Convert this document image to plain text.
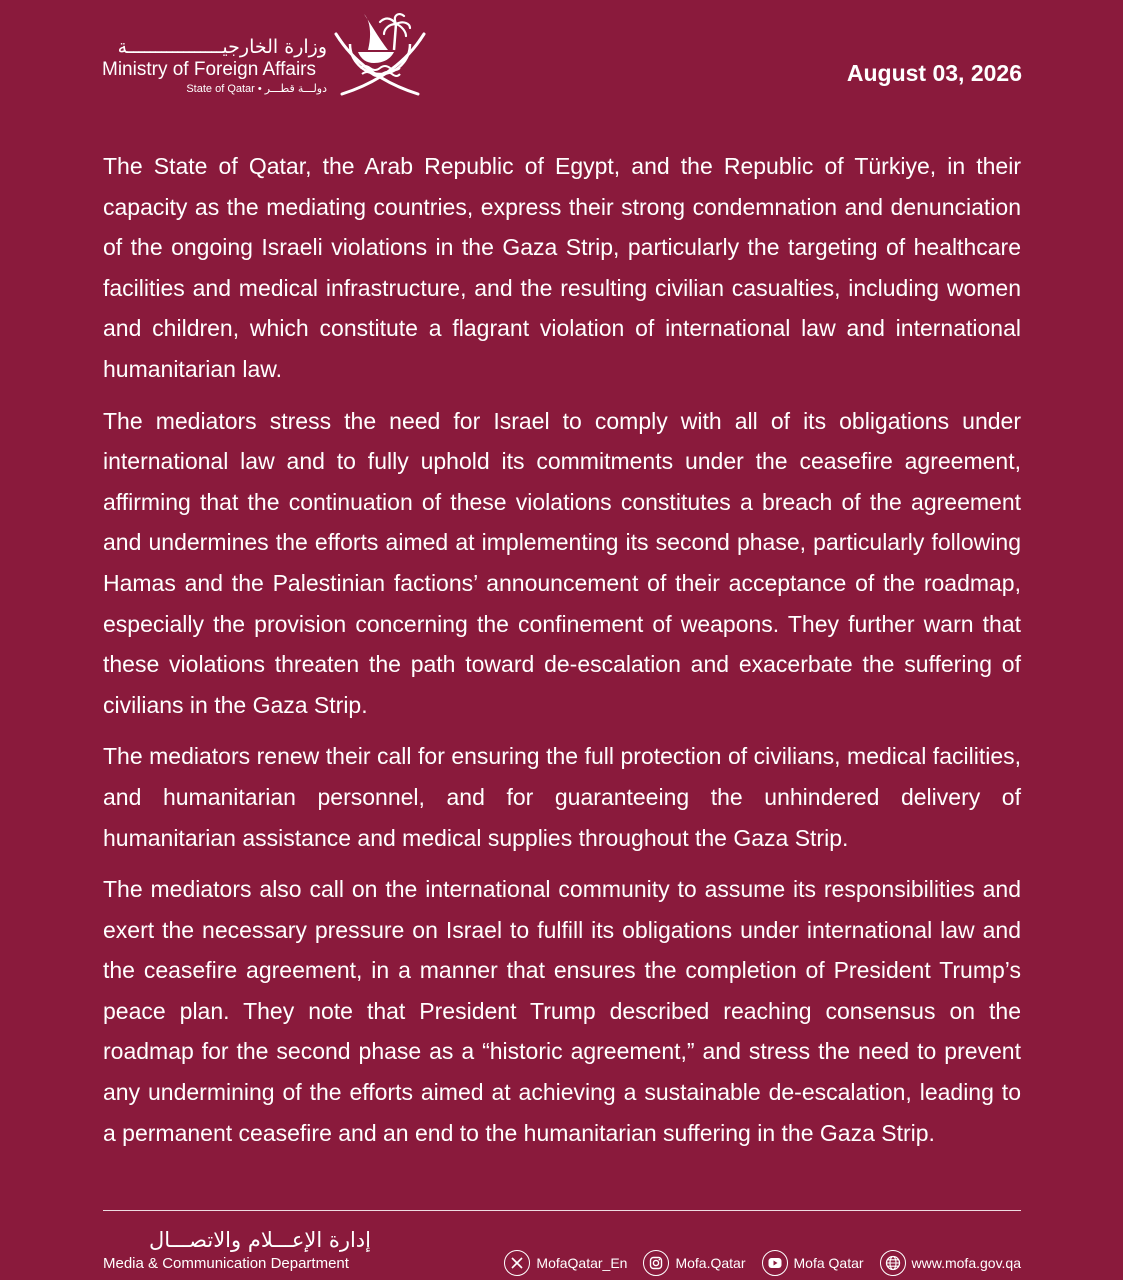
وزارة الخارجيـــــــــــــــــة
Ministry of Foreign Affairs
State of Qatar • دولـــة قطـــر
August 03, 2026

The State of Qatar, the Arab Republic of Egypt, and the Republic of Türkiye, in their capacity as the mediating countries, express their strong condemnation and denunciation of the ongoing Israeli violations in the Gaza Strip, particularly the targeting of healthcare facilities and medical infrastructure, and the resulting civilian casualties, including women and children, which constitute a flagrant violation of international law and international humanitarian law.

The mediators stress the need for Israel to comply with all of its obligations under international law and to fully uphold its commitments under the ceasefire agreement, affirming that the continuation of these violations constitutes a breach of the agreement and undermines the efforts aimed at implementing its second phase, particularly following Hamas and the Palestinian factions’ announcement of their acceptance of the roadmap, especially the provision concerning the confinement of weapons. They further warn that these violations threaten the path toward de-escalation and exacerbate the suffering of civilians in the Gaza Strip.

The mediators renew their call for ensuring the full protection of civilians, medical facilities, and humanitarian personnel, and for guaranteeing the unhindered delivery of humanitarian assistance and medical supplies throughout the Gaza Strip.

The mediators also call on the international community to assume its responsibilities and exert the necessary pressure on Israel to fulfill its obligations under international law and the ceasefire agreement, in a manner that ensures the completion of President Trump’s peace plan. They note that President Trump described reaching consensus on the roadmap for the second phase as a “historic agreement,” and stress the need to prevent any undermining of the efforts aimed at achieving a sustainable de-escalation, leading to a permanent ceasefire and an end to the humanitarian suffering in the Gaza Strip.

إدارة الإعـــلام والاتصـــال
Media & Communication Department	MofaQatar_En	Mofa.Qatar	Mofa Qatar	www.mofa.gov.qa
